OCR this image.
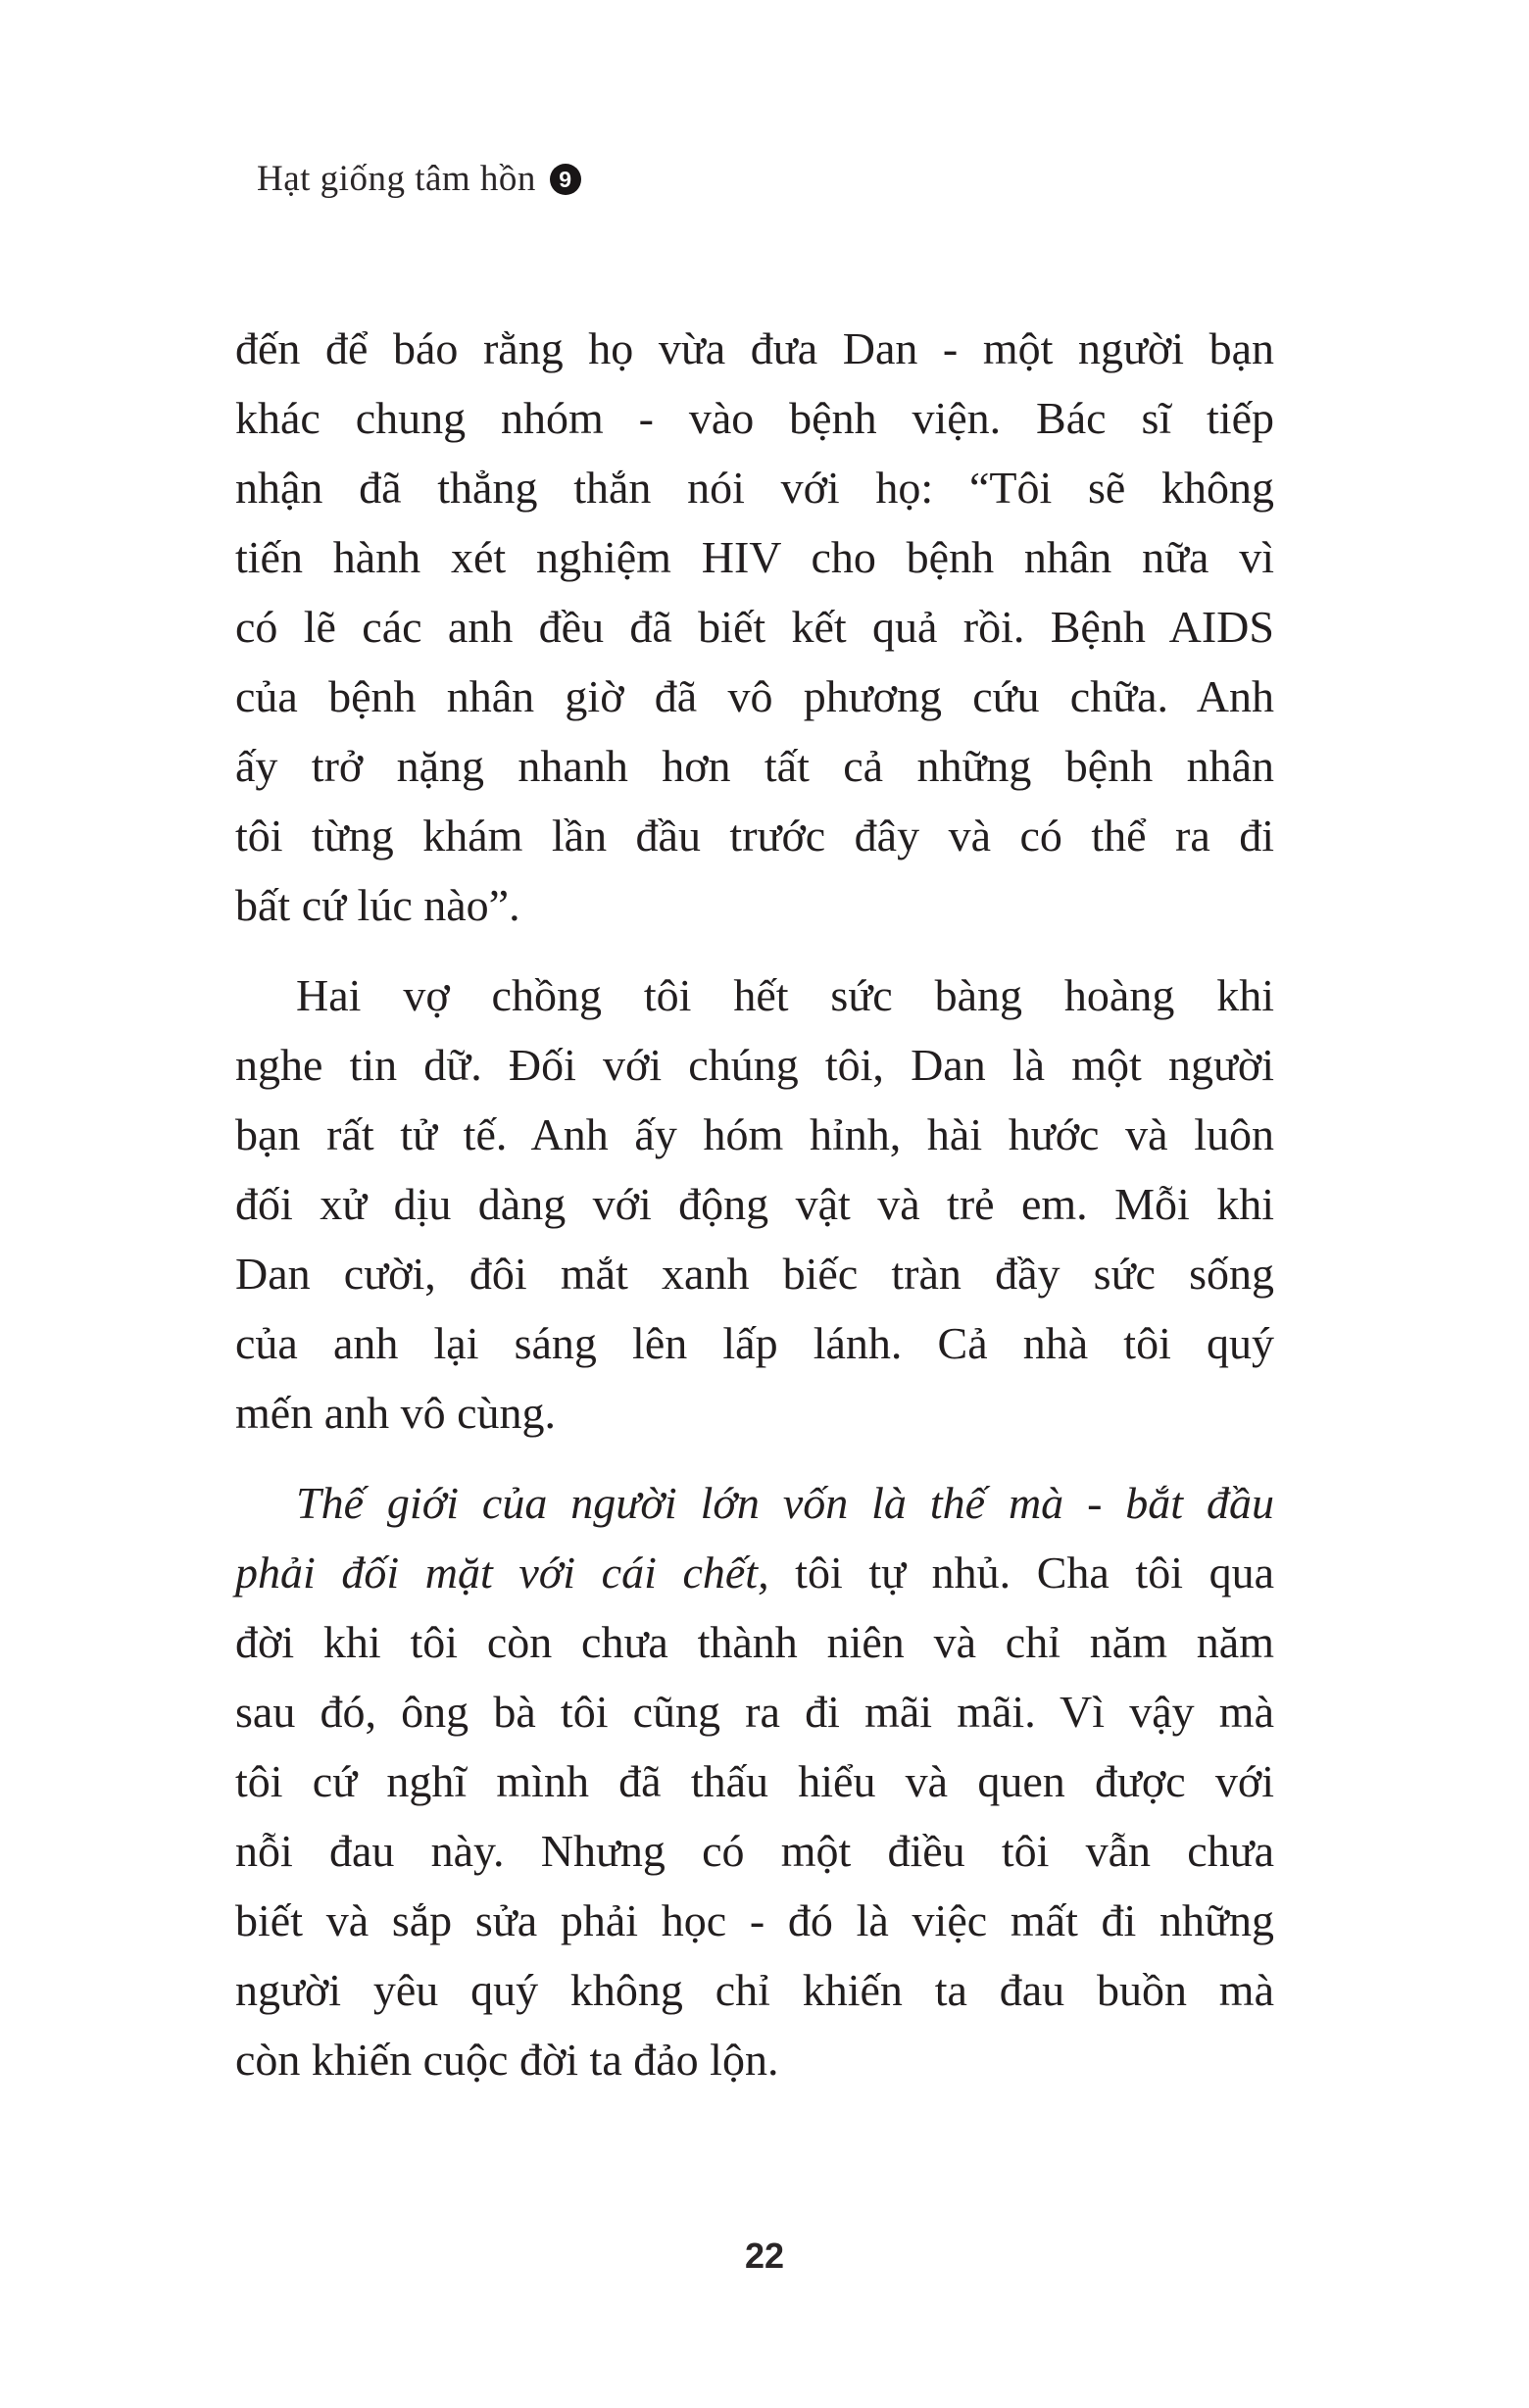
Hạt giống tâm hồn 9

đến để báo rằng họ vừa đưa Dan - một người bạn
khác chung nhóm - vào bệnh viện. Bác sĩ tiếp
nhận đã thẳng thắn nói với họ: “Tôi sẽ không
tiến hành xét nghiệm HIV cho bệnh nhân nữa vì
có lẽ các anh đều đã biết kết quả rồi. Bệnh AIDS
của bệnh nhân giờ đã vô phương cứu chữa. Anh
ấy trở nặng nhanh hơn tất cả những bệnh nhân
tôi từng khám lần đầu trước đây và có thể ra đi
bất cứ lúc nào”.

Hai vợ chồng tôi hết sức bàng hoàng khi
nghe tin dữ. Đối với chúng tôi, Dan là một người
bạn rất tử tế. Anh ấy hóm hỉnh, hài hước và luôn
đối xử dịu dàng với động vật và trẻ em. Mỗi khi
Dan cười, đôi mắt xanh biếc tràn đầy sức sống
của anh lại sáng lên lấp lánh. Cả nhà tôi quý
mến anh vô cùng.

Thế giới của người lớn vốn là thế mà - bắt đầu
phải đối mặt với cái chết, tôi tự nhủ. Cha tôi qua
đời khi tôi còn chưa thành niên và chỉ năm năm
sau đó, ông bà tôi cũng ra đi mãi mãi. Vì vậy mà
tôi cứ nghĩ mình đã thấu hiểu và quen được với
nỗi đau này. Nhưng có một điều tôi vẫn chưa
biết và sắp sửa phải học - đó là việc mất đi những
người yêu quý không chỉ khiến ta đau buồn mà
còn khiến cuộc đời ta đảo lộn.

22
